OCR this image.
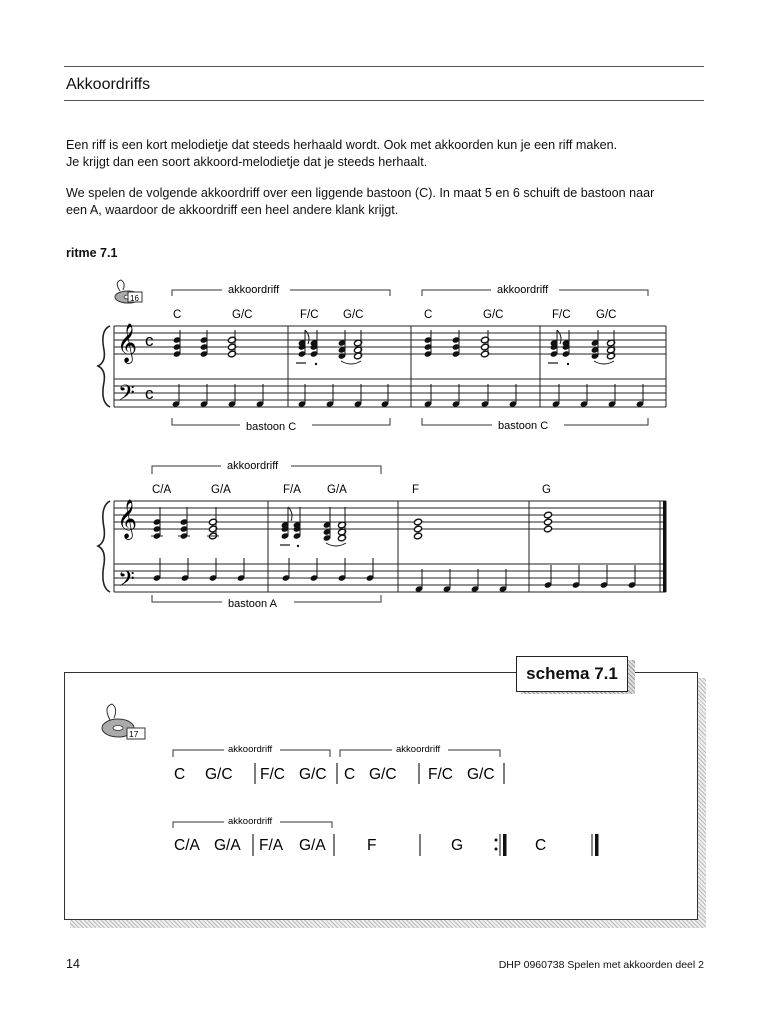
Akkoordriffs

Een riff is een kort melodietje dat steeds herhaald wordt. Ook met akkoorden kun je een riff maken.

Je krijgt dan een soort akkoord-melodietje dat je steeds herhaalt.

We spelen de volgende akkoordriff over een liggende bastoon (C). In maat 5 en 6 schuift de bastoon naar

een A, waardoor de akkoordriff een heel andere klank krijgt.

ritme 7.1
16
akkoordriff	akkoordriff
C	G/C	F/C G/C	C	G/C	F/C G/C
𝄞
𝄢
c
c
bastoon C	bastoon C
akkoordriff
C/A	G/A	F/A G/A	F	G
𝄞
𝄢
bastoon A
schema 7.1
17
akkoordriff	akkoordriff
C G/C F/C G/C C G/C F/C G/C
akkoordriff
C/A G/A F/A G/A	F	G	C
14	DHP 0960738 Spelen met akkoorden deel 2
